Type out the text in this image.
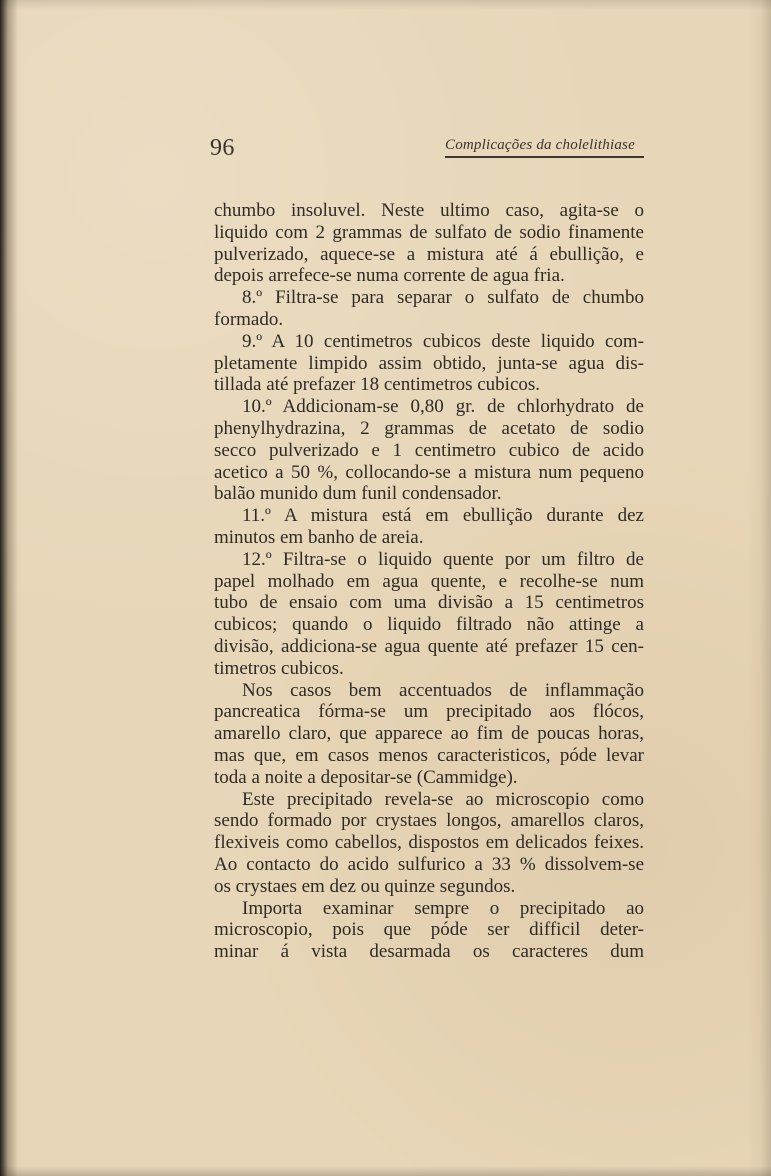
96	Complicações da cholelithiase
chumbo insoluvel. Neste ultimo caso, agita-se o
liquido com 2 grammas de sulfato de sodio finamente
pulverizado, aquece-se a mistura até á ebullição, e
depois arrefece-se numa corrente de agua fria.
8.º Filtra-se para separar o sulfato de chumbo
formado.
9.º A 10 centimetros cubicos deste liquido com-
pletamente limpido assim obtido, junta-se agua dis-
tillada até prefazer 18 centimetros cubicos.
10.º Addicionam-se 0,80 gr. de chlorhydrato de
phenylhydrazina, 2 grammas de acetato de sodio
secco pulverizado e 1 centimetro cubico de acido
acetico a 50 %, collocando-se a mistura num pequeno
balão munido dum funil condensador.
11.º A mistura está em ebullição durante dez
minutos em banho de areia.
12.º Filtra-se o liquido quente por um filtro de
papel molhado em agua quente, e recolhe-se num
tubo de ensaio com uma divisão a 15 centimetros
cubicos; quando o liquido filtrado não attinge a
divisão, addiciona-se agua quente até prefazer 15 cen-
timetros cubicos.
Nos casos bem accentuados de inflammação
pancreatica fórma-se um precipitado aos flócos,
amarello claro, que apparece ao fim de poucas horas,
mas que, em casos menos caracteristicos, póde levar
toda a noite a depositar-se (Cammidge).
Este precipitado revela-se ao microscopio como
sendo formado por crystaes longos, amarellos claros,
flexiveis como cabellos, dispostos em delicados feixes.
Ao contacto do acido sulfurico a 33 % dissolvem-se
os crystaes em dez ou quinze segundos.
Importa examinar sempre o precipitado ao
microscopio, pois que póde ser difficil deter-
minar á vista desarmada os caracteres dum
